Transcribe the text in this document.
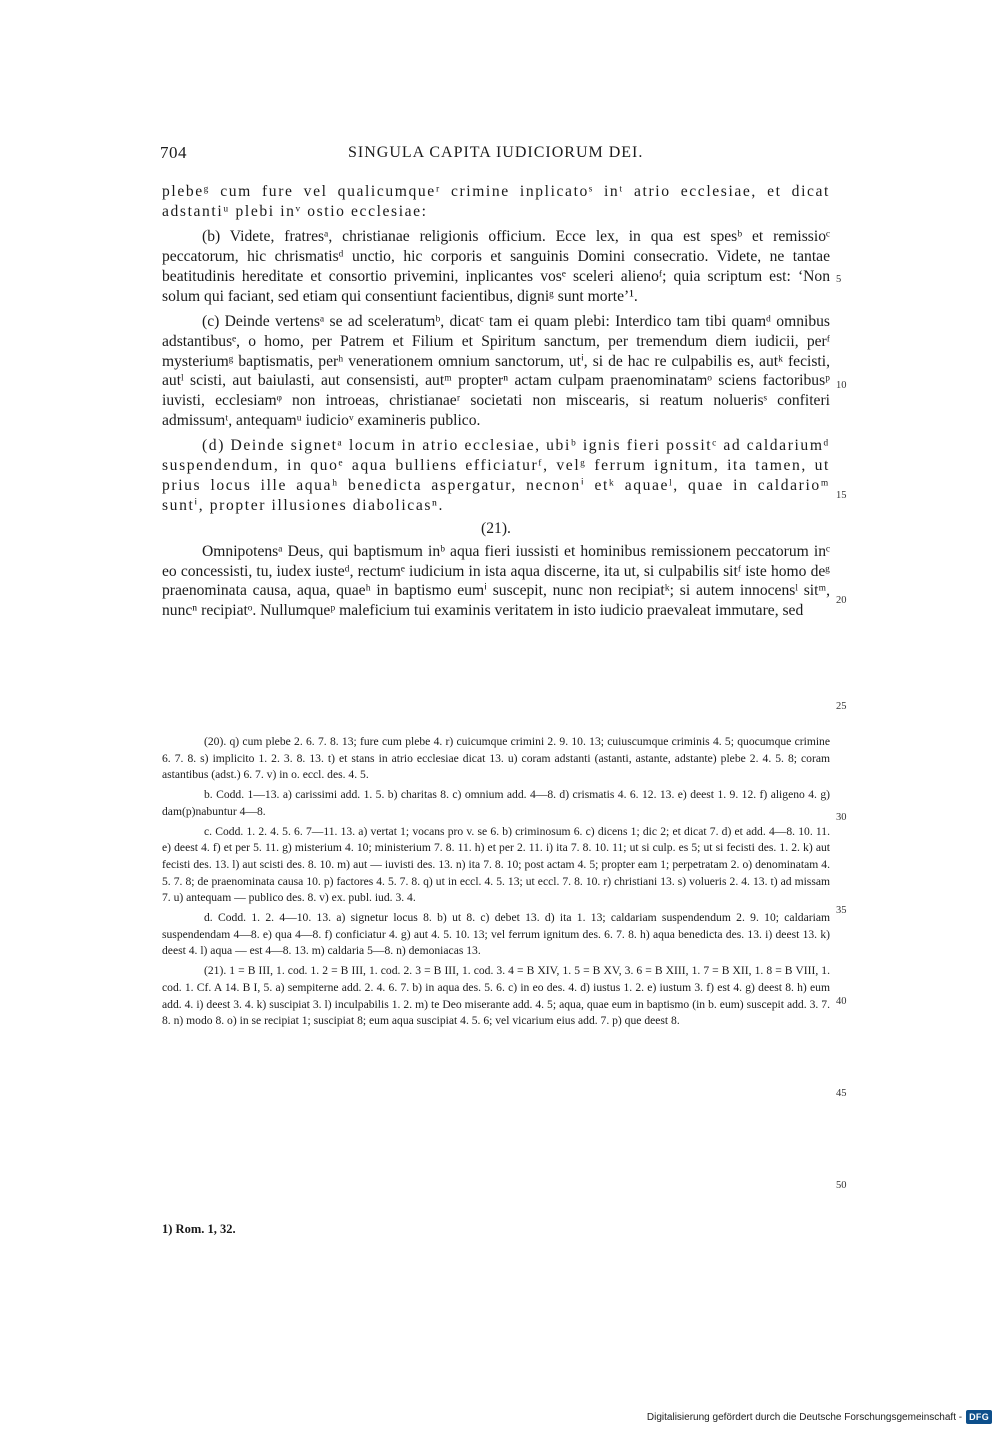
704	SINGULA CAPITA IUDICIORUM DEI.

plebeᵍ cum fure vel qualicumqueʳ crimine inplicatoˢ inᵗ atrio ecclesiae, et dicat adstantiᵘ plebi inᵛ ostio ecclesiae:

(b) Videte, fratresᵃ, christianae religionis officium. Ecce lex, in qua est spesᵇ et remissioᶜ peccatorum, hic chrismatisᵈ unctio, hic corporis et sanguinis Domini consecratio. Videte, ne tantae beatitudinis hereditate et consortio privemini, inplicantes vosᵉ sceleri alienoᶠ; quia scriptum est: ‘Non solum qui faciant, sed etiam qui consentiunt facientibus, digniᵍ sunt morte’¹.

(c) Deinde vertensᵃ se ad sceleratumᵇ, dicatᶜ tam ei quam plebi: Interdico tam tibi quamᵈ omnibus adstantibusᵉ, o homo, per Patrem et Filium et Spiritum sanctum, per tremendum diem iudicii, perᶠ mysteriumᵍ baptismatis, perʰ venerationem omnium sanctorum, utⁱ, si de hac re culpabilis es, autᵏ fecisti, autˡ scisti, aut baiulasti, aut consensisti, autᵐ propterⁿ actam culpam praenominatamᵒ sciens factoribusᵖ iuvisti, ecclesiamᵠ non introeas, christianaeʳ societati non miscearis, si reatum noluerisˢ confiteri admissumᵗ, antequamᵘ iudicioᵛ examineris publico.

(d) Deinde signetᵃ locum in atrio ecclesiae, ubiᵇ ignis fieri possitᶜ ad caldariumᵈ suspendendum, in quoᵉ aqua bulliens efficiaturᶠ, velᵍ ferrum ignitum, ita tamen, ut prius locus ille aquaʰ benedicta aspergatur, necnonⁱ etᵏ aquaeˡ, quae in caldarioᵐ suntⁱ, propter illusiones diabolicasⁿ.

(21).

Omnipotensᵃ Deus, qui baptismum inᵇ aqua fieri iussisti et hominibus remissionem peccatorum inᶜ eo concessisti, tu, iudex iusteᵈ, rectumᵉ iudicium in ista aqua discerne, ita ut, si culpabilis sitᶠ iste homo deᵍ praenominata causa, aqua, quaeʰ in baptismo eumⁱ suscepit, nunc non recipiatᵏ; si autem innocensˡ sitᵐ, nuncⁿ recipiatᵒ. Nullumqueᵖ maleficium tui examinis veritatem in isto iudicio praevaleat immutare, sed

5
10
15
20
25
30
35
40
45
50

(20). q) cum plebe 2. 6. 7. 8. 13; fure cum plebe 4. r) cuicumque crimini 2. 9. 10. 13; cuiuscumque criminis 4. 5; quocumque crimine 6. 7. 8. s) implicito 1. 2. 3. 8. 13. t) et stans in atrio ecclesiae dicat 13. u) coram adstanti (astanti, astante, adstante) plebe 2. 4. 5. 8; coram astantibus (adst.) 6. 7. v) in o. eccl. des. 4. 5.

b. Codd. 1—13. a) carissimi add. 1. 5. b) charitas 8. c) omnium add. 4—8. d) crismatis 4. 6. 12. 13. e) deest 1. 9. 12. f) aligeno 4. g) dam(p)nabuntur 4—8.

c. Codd. 1. 2. 4. 5. 6. 7—11. 13. a) vertat 1; vocans pro v. se 6. b) criminosum 6. c) dicens 1; dic 2; et dicat 7. d) et add. 4—8. 10. 11. e) deest 4. f) et per 5. 11. g) misterium 4. 10; ministerium 7. 8. 11. h) et per 2. 11. i) ita 7. 8. 10. 11; ut si culp. es 5; ut si fecisti des. 1. 2. k) aut fecisti des. 13. l) aut scisti des. 8. 10. m) aut — iuvisti des. 13. n) ita 7. 8. 10; post actam 4. 5; propter eam 1; perpetratam 2. o) denominatam 4. 5. 7. 8; de praenominata causa 10. p) factores 4. 5. 7. 8. q) ut in eccl. 4. 5. 13; ut eccl. 7. 8. 10. r) christiani 13. s) volueris 2. 4. 13. t) ad missam 7. u) antequam — publico des. 8. v) ex. publ. iud. 3. 4.

d. Codd. 1. 2. 4—10. 13. a) signetur locus 8. b) ut 8. c) debet 13. d) ita 1. 13; caldariam suspendendum 2. 9. 10; caldariam suspendendam 4—8. e) qua 4—8. f) conficiatur 4. g) aut 4. 5. 10. 13; vel ferrum ignitum des. 6. 7. 8. h) aqua benedicta des. 13. i) deest 13. k) deest 4. l) aqua — est 4—8. 13. m) caldaria 5—8. n) demoniacas 13.

(21). 1 = B III, 1. cod. 1. 2 = B III, 1. cod. 2. 3 = B III, 1. cod. 3. 4 = B XIV, 1. 5 = B XV, 3. 6 = B XIII, 1. 7 = B XII, 1. 8 = B VIII, 1. cod. 1. Cf. A 14. B I, 5. a) sempiterne add. 2. 4. 6. 7. b) in aqua des. 5. 6. c) in eo des. 4. d) iustus 1. 2. e) iustum 3. f) est 4. g) deest 8. h) eum add. 4. i) deest 3. 4. k) suscipiat 3. l) inculpabilis 1. 2. m) te Deo miserante add. 4. 5; aqua, quae eum in baptismo (in b. eum) suscepit add. 3. 7. 8. n) modo 8. o) in se recipiat 1; suscipiat 8; eum aqua suscipiat 4. 5. 6; vel vicarium eius add. 7. p) que deest 8.

1) Rom. 1, 32.
Digitalisierung gefördert durch die Deutsche Forschungsgemeinschaft - DFG
